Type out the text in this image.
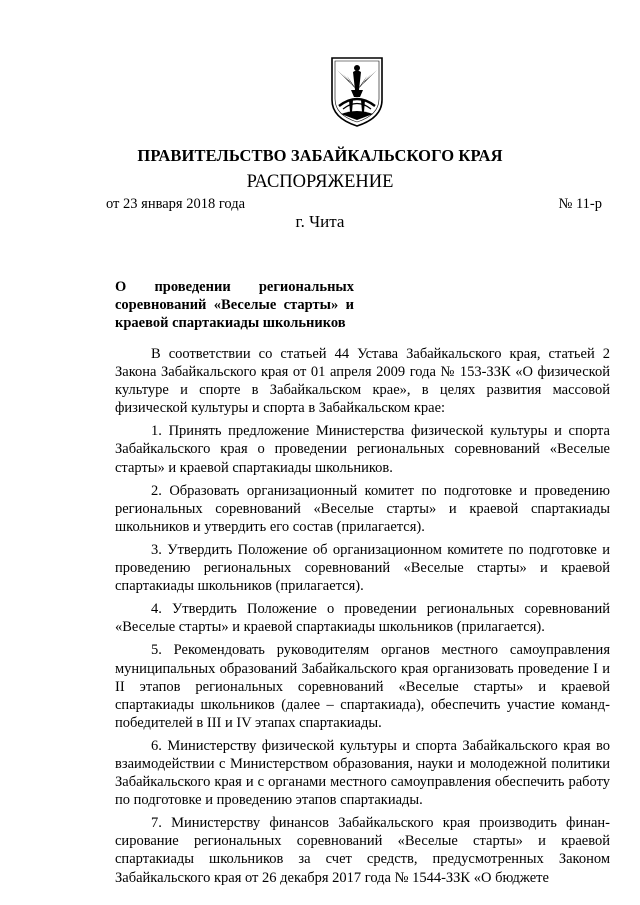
ПРАВИТЕЛЬСТВО ЗАБАЙКАЛЬСКОГО КРАЯ
РАСПОРЯЖЕНИЕ
от 23 января 2018 года	№ 11-р
г. Чита
О проведении региональных
соревнований «Веселые старты» и
краевой спартакиады школьников

В соответствии со статьей 44 Устава Забайкальского края, статьей 2 Закона Забайкальского края от 01 апреля 2009 года № 153-ЗЗК «О физической культуре и спорте в Забайкальском крае», в целях развития массовой физической культуры и спорта в Забайкальском крае:

1. Принять предложение Министерства физической культуры и спорта Забайкальского края о проведении региональных соревнований «Веселые старты» и краевой спартакиады школьников.

2. Образовать организационный комитет по подготовке и проведению региональных соревнований «Веселые старты» и краевой спартакиады школьников и утвердить его состав (прилагается).

3. Утвердить Положение об организационном комитете по подготовке и проведению региональных соревнований «Веселые старты» и краевой спартакиады школьников (прилагается).

4. Утвердить Положение о проведении региональных соревнований «Веселые старты» и краевой спартакиады школьников (прилагается).

5. Рекомендовать руководителям органов местного самоуправления муниципальных образований Забайкальского края организовать проведение I и II этапов региональных соревнований «Веселые старты» и краевой спартакиады школьников (далее – спартакиада), обеспечить участие команд-победителей в III и IV этапах спартакиады.

6. Министерству физической культуры и спорта Забайкальского края во взаимодействии с Министерством образования, науки и молодежной политики Забайкальского края и с органами местного самоуправления обеспечить работу по подготовке и проведению этапов спартакиады.

7. Министерству финансов Забайкальского края производить финан-сирование региональных соревнований «Веселые старты» и краевой спартакиады школьников за счет средств, предусмотренных Законом Забайкальского края от 26 декабря 2017 года № 1544-ЗЗК «О бюджете
